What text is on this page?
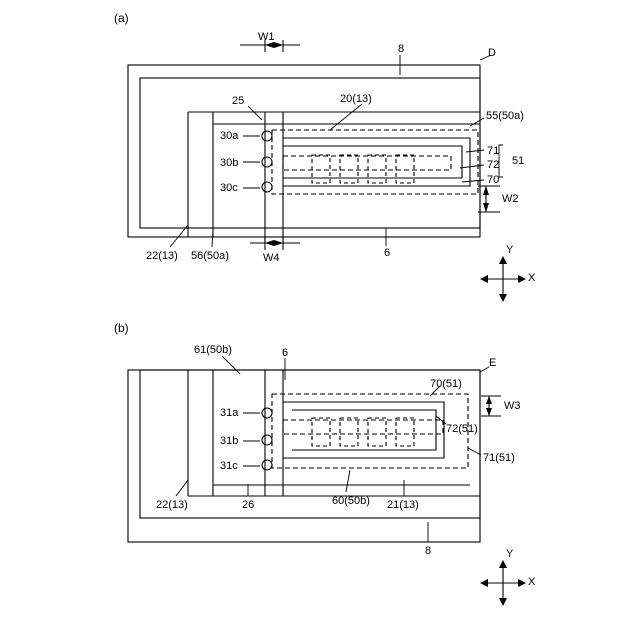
(a)
(b)
W1
8	D
25	20(13)
55(50a)
30a
71
72 51
30b
70
30c
W2
6
22(13) 56(50a)	W4
Y
X
61(50b)	6
E
70(51)
W3
31a
31b
72(51)
31c
71(51)
22(13)	26	60(50b) 21(13)
8	Y
X
